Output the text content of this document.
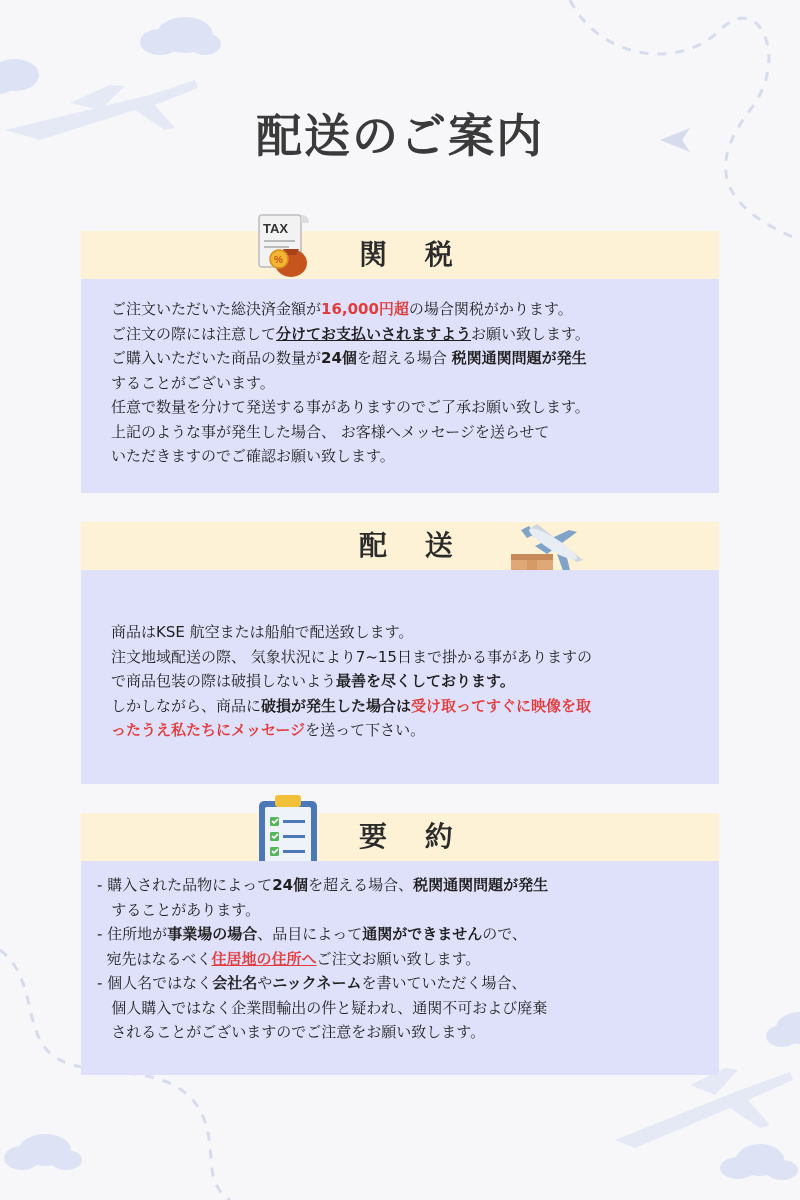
配送のご案内
TAX
%	関 税

ご注文いただいた総決済金額が16,000円超の場合関税がかります。

ご注文の際には注意して分けてお支払いされますようお願い致します。

ご購入いただいた商品の数量が24個を超える場合 税関通関問題が発生

することがございます。

任意で数量を分けて発送する事がありますのでご了承お願い致します。

上記のような事が発生した場合、 お客様へメッセージを送らせて

いただきますのでご確認お願い致します。

配 送

商品はKSE 航空または船舶で配送致します。

注文地域配送の際、 気象状況により7~15日まで掛かる事がありますの

で商品包装の際は破損しないよう最善を尽くしております。

しかしながら、商品に破損が発生した場合は受け取ってすぐに映像を取

ったうえ私たちにメッセージを送って下さい。

要 約

- 購入された品物によって24個を超える場合、税関通関問題が発生

することがあります。

- 住所地が事業場の場合、品目によって通関ができませんので、

宛先はなるべく住居地の住所へご注文お願い致します。

- 個人名ではなく会社名やニックネームを書いていただく場合、

個人購入ではなく企業間輸出の件と疑われ、通関不可および廃棄

されることがございますのでご注意をお願い致します。
